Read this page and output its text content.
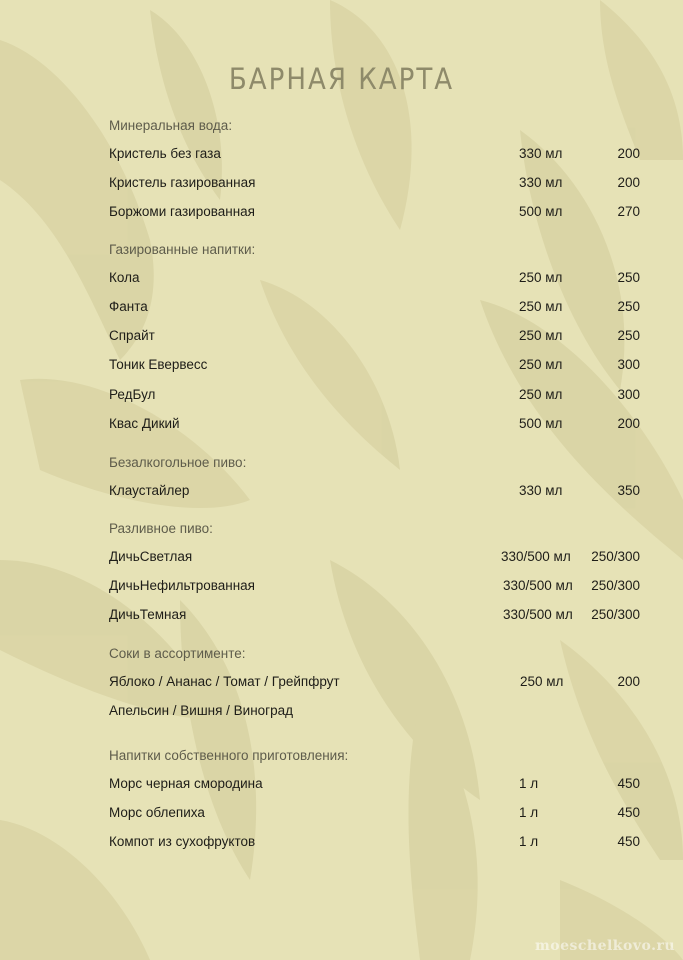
БАРНАЯ КАРТА
Минеральная вода:
Кристель без газа	330 мл	200
Кристель газированная	330 мл	200
Боржоми газированная	500 мл	270
Газированные напитки:
Кола	250 мл	250
Фанта	250 мл	250
Спрайт	250 мл	250
Тоник Евервесс	250 мл	300
РедБул	250 мл	300
Квас Дикий	500 мл	200
Безалкогольное пиво:
Клаустайлер	330 мл	350
Разливное пиво:
ДичьСветлая	330/500 мл 250/300
ДичьНефильтрованная	330/500 мл 250/300
ДичьТемная	330/500 мл 250/300
Соки в ассортименте:
Яблоко / Ананас / Томат / Грейпфрут	250 мл	200
Апельсин / Вишня / Виноград
Напитки собственного приготовления:
Морс черная смородина	1 л	450
Морс облепиха	1 л	450
Компот из сухофруктов	1 л	450
moeschelkovo.ru
